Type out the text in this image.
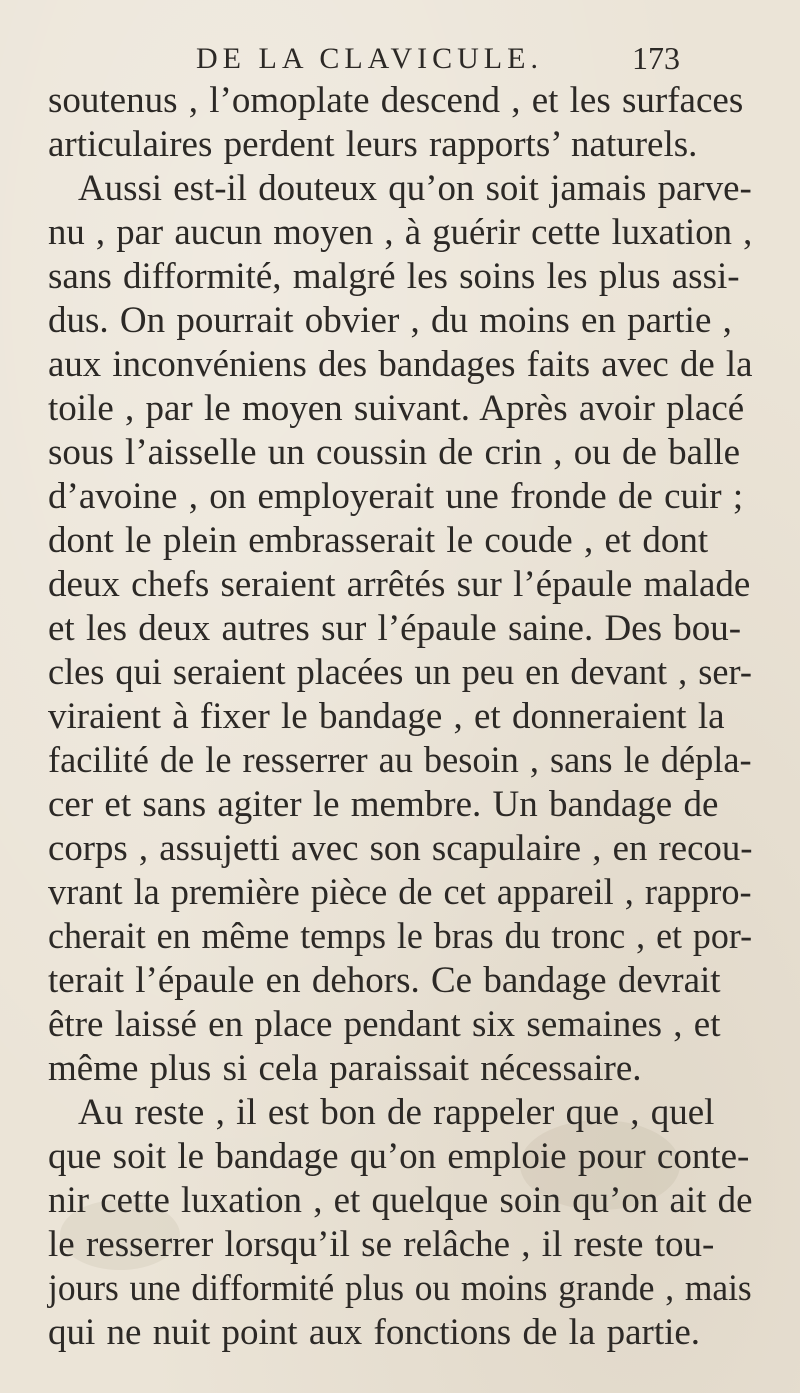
DE LA CLAVICULE.	173
soutenus , l’omoplate descend , et les surfaces
articulaires perdent leurs rapports’ naturels.
Aussi est-il douteux qu’on soit jamais parve-
nu , par aucun moyen , à guérir cette luxation ,
sans difformité, malgré les soins les plus assi-
dus. On pourrait obvier , du moins en partie ,
aux inconvéniens des bandages faits avec de la
toile , par le moyen suivant. Après avoir placé
sous l’aisselle un coussin de crin , ou de balle
d’avoine , on employerait une fronde de cuir ;
dont le plein embrasserait le coude , et dont
deux chefs seraient arrêtés sur l’épaule malade
et les deux autres sur l’épaule saine. Des bou-
cles qui seraient placées un peu en devant , ser-
viraient à fixer le bandage , et donneraient la
facilité de le resserrer au besoin , sans le dépla-
cer et sans agiter le membre. Un bandage de
corps , assujetti avec son scapulaire , en recou-
vrant la première pièce de cet appareil , rappro-
cherait en même temps le bras du tronc , et por-
terait l’épaule en dehors. Ce bandage devrait
être laissé en place pendant six semaines , et
même plus si cela paraissait nécessaire.
Au reste , il est bon de rappeler que , quel
que soit le bandage qu’on emploie pour conte-
nir cette luxation , et quelque soin qu’on ait de
le resserrer lorsqu’il se relâche , il reste tou-
jours une difformité plus ou moins grande , mais
qui ne nuit point aux fonctions de la partie.
